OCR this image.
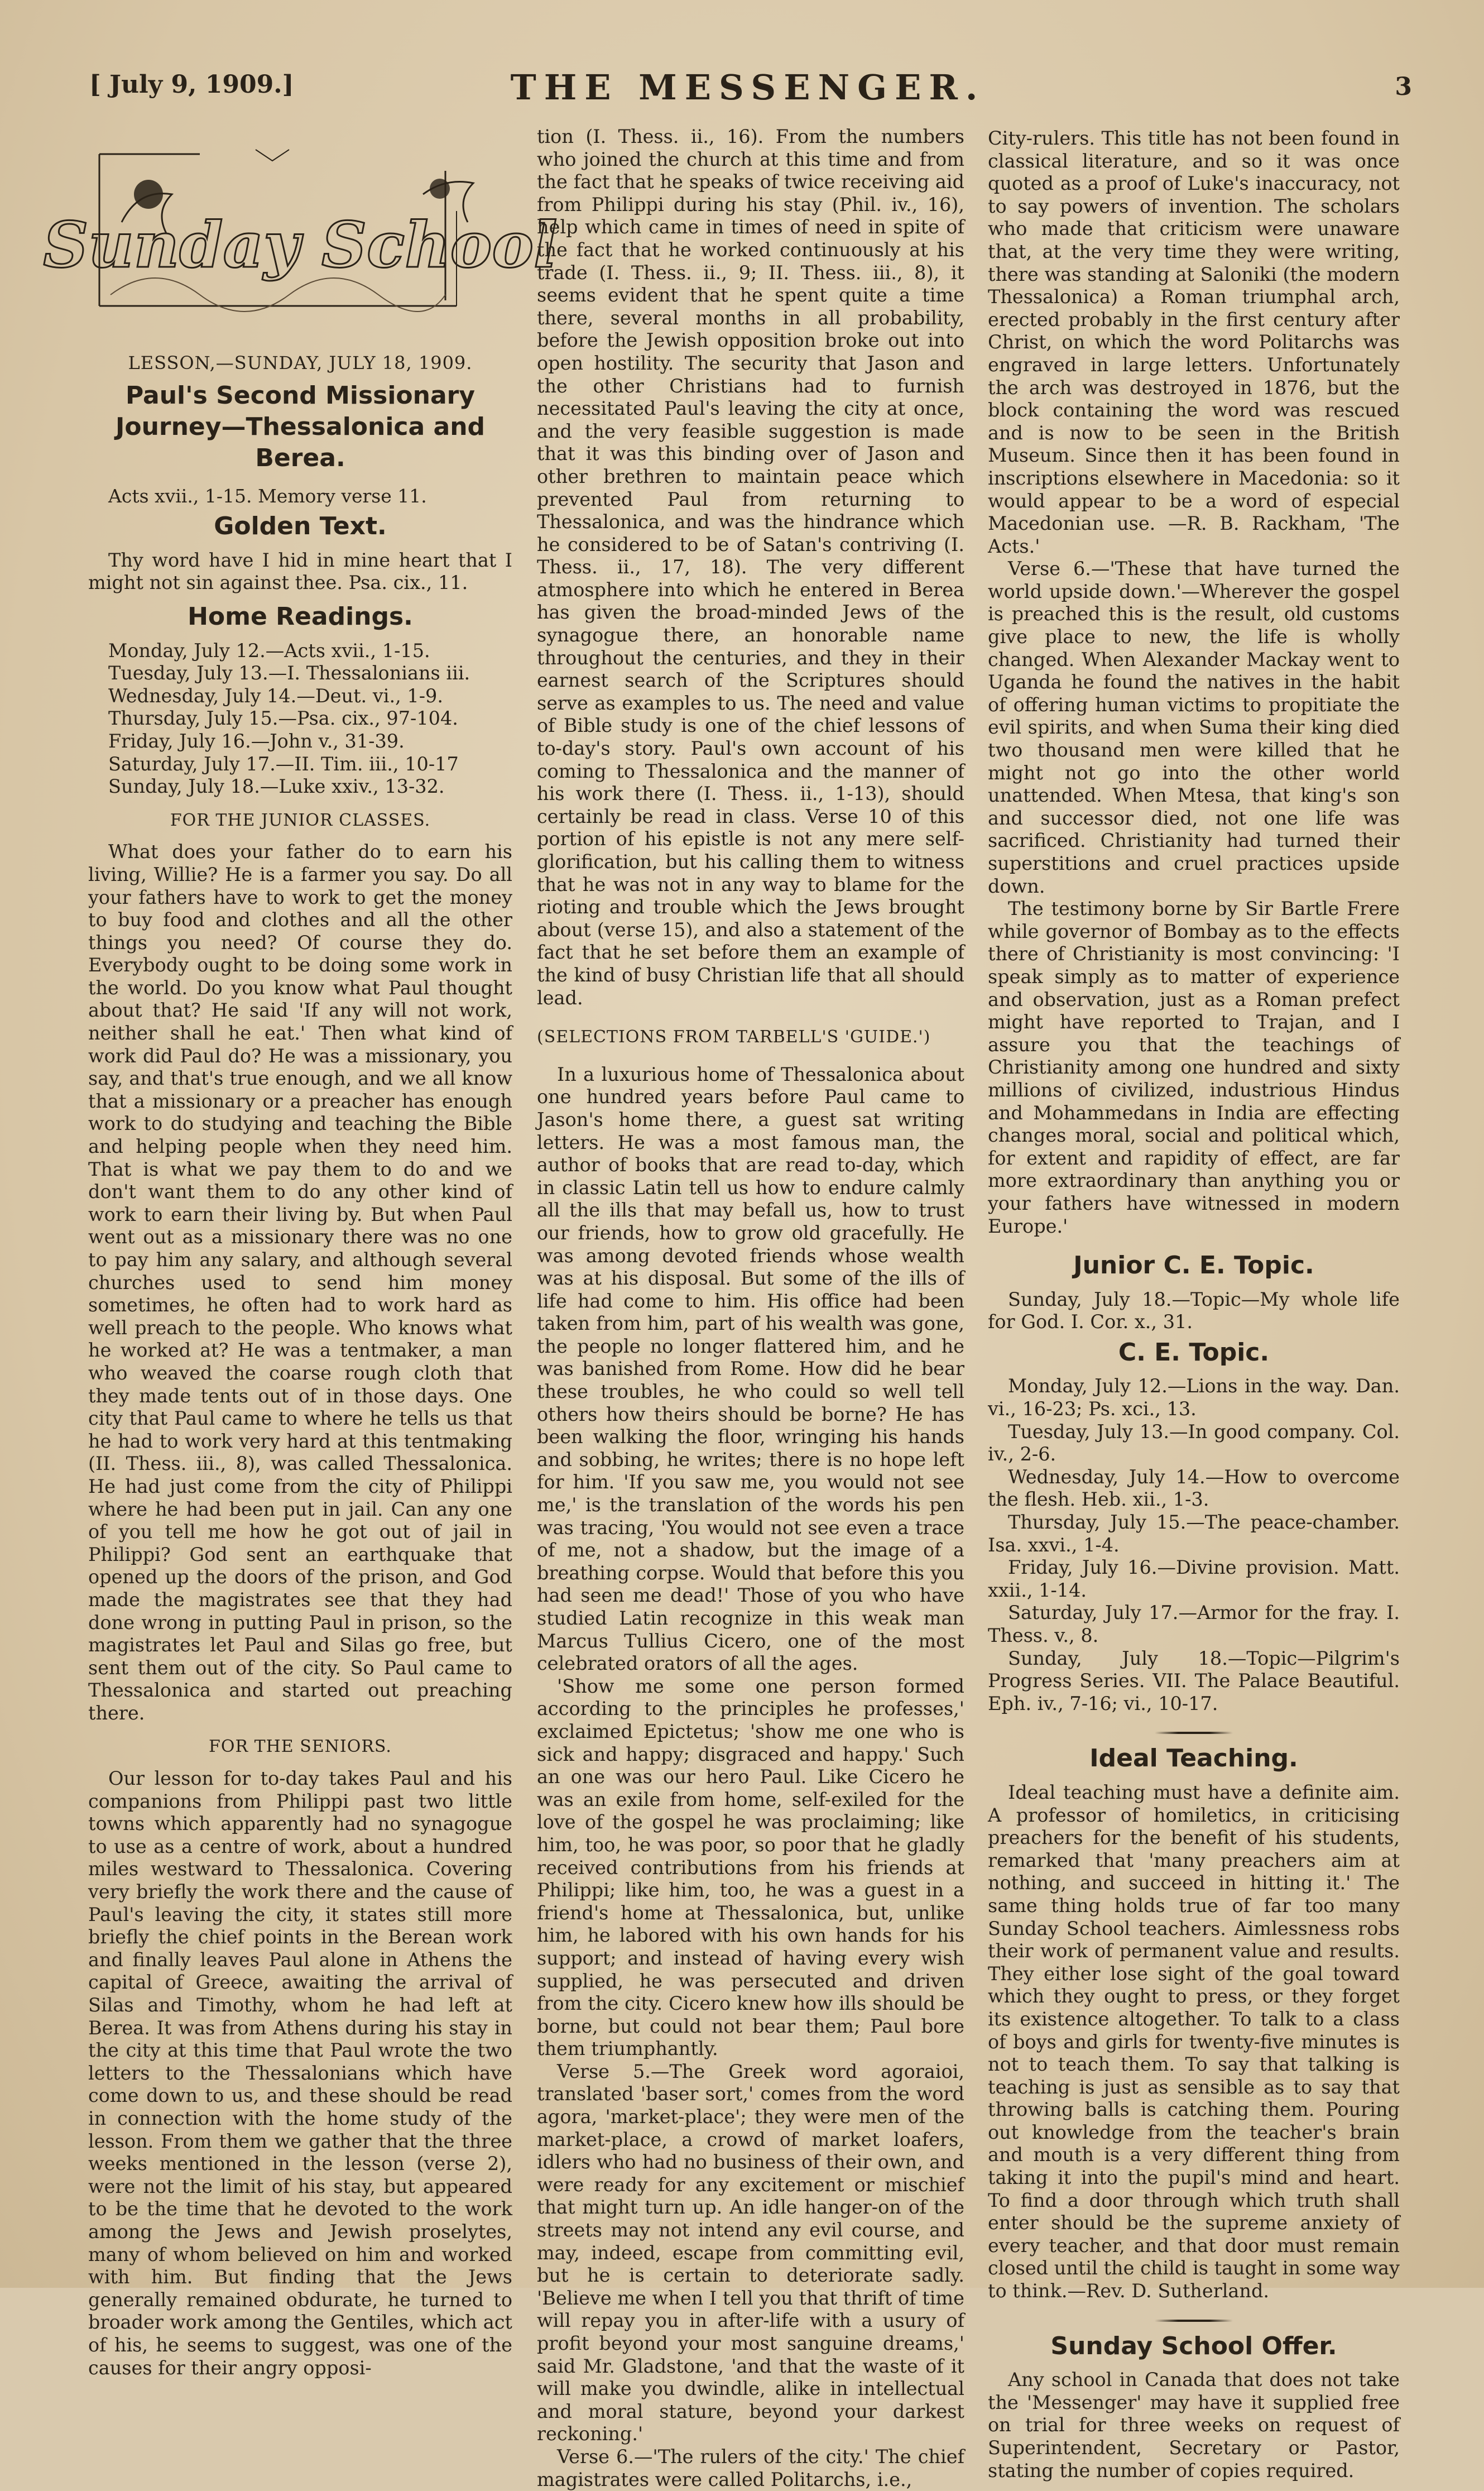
[ July 9, 1909.]	THE MESSENGER.	3
Sunday School
LESSON,—SUNDAY, JULY 18, 1909.
Paul's Second Missionary Journey—Thessalonica and Berea.

Acts xvii., 1-15. Memory verse 11.

Golden Text.

Thy word have I hid in mine heart that I might not sin against thee. Psa. cix., 11.

Home Readings.
Monday, July 12.—Acts xvii., 1-15.
Tuesday, July 13.—I. Thessalonians iii.
Wednesday, July 14.—Deut. vi., 1-9.
Thursday, July 15.—Psa. cix., 97-104.
Friday, July 16.—John v., 31-39.
Saturday, July 17.—II. Tim. iii., 10-17
Sunday, July 18.—Luke xxiv., 13-32.
FOR THE JUNIOR CLASSES.

What does your father do to earn his living, Willie? He is a farmer you say. Do all your fathers have to work to get the money to buy food and clothes and all the other things you need? Of course they do. Everybody ought to be doing some work in the world. Do you know what Paul thought about that? He said 'If any will not work, neither shall he eat.' Then what kind of work did Paul do? He was a missionary, you say, and that's true enough, and we all know that a missionary or a preacher has enough work to do studying and teaching the Bible and helping people when they need him. That is what we pay them to do and we don't want them to do any other kind of work to earn their living by. But when Paul went out as a missionary there was no one to pay him any salary, and although several churches used to send him money sometimes, he often had to work hard as well preach to the people. Who knows what he worked at? He was a tentmaker, a man who weaved the coarse rough cloth that they made tents out of in those days. One city that Paul came to where he tells us that he had to work very hard at this tentmaking (II. Thess. iii., 8), was called Thessalonica. He had just come from the city of Philippi where he had been put in jail. Can any one of you tell me how he got out of jail in Philippi? God sent an earthquake that opened up the doors of the prison, and God made the magistrates see that they had done wrong in putting Paul in prison, so the magistrates let Paul and Silas go free, but sent them out of the city. So Paul came to Thessalonica and started out preaching there.

FOR THE SENIORS.

Our lesson for to-day takes Paul and his companions from Philippi past two little towns which apparently had no synagogue to use as a centre of work, about a hundred miles westward to Thessalonica. Covering very briefly the work there and the cause of Paul's leaving the city, it states still more briefly the chief points in the Berean work and finally leaves Paul alone in Athens the capital of Greece, awaiting the arrival of Silas and Timothy, whom he had left at Berea. It was from Athens during his stay in the city at this time that Paul wrote the two letters to the Thessalonians which have come down to us, and these should be read in connection with the home study of the lesson. From them we gather that the three weeks mentioned in the lesson (verse 2), were not the limit of his stay, but appeared to be the time that he devoted to the work among the Jews and Jewish proselytes, many of whom believed on him and worked with him. But finding that the Jews generally remained obdurate, he turned to broader work among the Gentiles, which act of his, he seems to suggest, was one of the causes for their angry opposi-

tion (I. Thess. ii., 16). From the numbers who joined the church at this time and from the fact that he speaks of twice receiving aid from Philippi during his stay (Phil. iv., 16), help which came in times of need in spite of the fact that he worked continuously at his trade (I. Thess. ii., 9; II. Thess. iii., 8), it seems evident that he spent quite a time there, several months in all probability, before the Jewish opposition broke out into open hostility. The security that Jason and the other Christians had to furnish necessitated Paul's leaving the city at once, and the very feasible suggestion is made that it was this binding over of Jason and other brethren to maintain peace which prevented Paul from returning to Thessalonica, and was the hindrance which he considered to be of Satan's contriving (I. Thess. ii., 17, 18). The very different atmosphere into which he entered in Berea has given the broad-minded Jews of the synagogue there, an honorable name throughout the centuries, and they in their earnest search of the Scriptures should serve as examples to us. The need and value of Bible study is one of the chief lessons of to-day's story. Paul's own account of his coming to Thessalonica and the manner of his work there (I. Thess. ii., 1-13), should certainly be read in class. Verse 10 of this portion of his epistle is not any mere self-glorification, but his calling them to witness that he was not in any way to blame for the rioting and trouble which the Jews brought about (verse 15), and also a statement of the fact that he set before them an example of the kind of busy Christian life that all should lead.

(SELECTIONS FROM TARBELL'S 'GUIDE.')

In a luxurious home of Thessalonica about one hundred years before Paul came to Jason's home there, a guest sat writing letters. He was a most famous man, the author of books that are read to-day, which in classic Latin tell us how to endure calmly all the ills that may befall us, how to trust our friends, how to grow old gracefully. He was among devoted friends whose wealth was at his disposal. But some of the ills of life had come to him. His office had been taken from him, part of his wealth was gone, the people no longer flattered him, and he was banished from Rome. How did he bear these troubles, he who could so well tell others how theirs should be borne? He has been walking the floor, wringing his hands and sobbing, he writes; there is no hope left for him. 'If you saw me, you would not see me,' is the translation of the words his pen was tracing, 'You would not see even a trace of me, not a shadow, but the image of a breathing corpse. Would that before this you had seen me dead!' Those of you who have studied Latin recognize in this weak man Marcus Tullius Cicero, one of the most celebrated orators of all the ages.

'Show me some one person formed according to the principles he professes,' exclaimed Epictetus; 'show me one who is sick and happy; disgraced and happy.' Such an one was our hero Paul. Like Cicero he was an exile from home, self-exiled for the love of the gospel he was proclaiming; like him, too, he was poor, so poor that he gladly received contributions from his friends at Philippi; like him, too, he was a guest in a friend's home at Thessalonica, but, unlike him, he labored with his own hands for his support; and instead of having every wish supplied, he was persecuted and driven from the city. Cicero knew how ills should be borne, but could not bear them; Paul bore them triumphantly.

Verse 5.—The Greek word agoraioi, translated 'baser sort,' comes from the word agora, 'market-place'; they were men of the market-place, a crowd of market loafers, idlers who had no business of their own, and were ready for any excitement or mischief that might turn up. An idle hanger-on of the streets may not intend any evil course, and may, indeed, escape from committing evil, but he is certain to deteriorate sadly. 'Believe me when I tell you that thrift of time will repay you in after-life with a usury of profit beyond your most sanguine dreams,' said Mr. Gladstone, 'and that the waste of it will make you dwindle, alike in intellectual and moral stature, beyond your darkest reckoning.'

Verse 6.—'The rulers of the city.' The chief magistrates were called Politarchs, i.e.,

City-rulers. This title has not been found in classical literature, and so it was once quoted as a proof of Luke's inaccuracy, not to say powers of invention. The scholars who made that criticism were unaware that, at the very time they were writing, there was standing at Saloniki (the modern Thessalonica) a Roman triumphal arch, erected probably in the first century after Christ, on which the word Politarchs was engraved in large letters. Unfortunately the arch was destroyed in 1876, but the block containing the word was rescued and is now to be seen in the British Museum. Since then it has been found in inscriptions elsewhere in Macedonia: so it would appear to be a word of especial Macedonian use. —R. B. Rackham, 'The Acts.'

Verse 6.—'These that have turned the world upside down.'—Wherever the gospel is preached this is the result, old customs give place to new, the life is wholly changed. When Alexander Mackay went to Uganda he found the natives in the habit of offering human victims to propitiate the evil spirits, and when Suma their king died two thousand men were killed that he might not go into the other world unattended. When Mtesa, that king's son and successor died, not one life was sacrificed. Christianity had turned their superstitions and cruel practices upside down.

The testimony borne by Sir Bartle Frere while governor of Bombay as to the effects there of Christianity is most convincing: 'I speak simply as to matter of experience and observation, just as a Roman prefect might have reported to Trajan, and I assure you that the teachings of Christianity among one hundred and sixty millions of civilized, industrious Hindus and Mohammedans in India are effecting changes moral, social and political which, for extent and rapidity of effect, are far more extraordinary than anything you or your fathers have witnessed in modern Europe.'

Junior C. E. Topic.

Sunday, July 18.—Topic—My whole life for God. I. Cor. x., 31.

C. E. Topic.
Monday, July 12.—Lions in the way. Dan. vi., 16-23; Ps. xci., 13.
Tuesday, July 13.—In good company. Col. iv., 2-6.
Wednesday, July 14.—How to overcome the flesh. Heb. xii., 1-3.
Thursday, July 15.—The peace-chamber. Isa. xxvi., 1-4.
Friday, July 16.—Divine provision. Matt. xxii., 1-14.
Saturday, July 17.—Armor for the fray. I. Thess. v., 8.
Sunday, July 18.—Topic—Pilgrim's Progress Series. VII. The Palace Beautiful. Eph. iv., 7-16; vi., 10-17.
Ideal Teaching.

Ideal teaching must have a definite aim. A professor of homiletics, in criticising preachers for the benefit of his students, remarked that 'many preachers aim at nothing, and succeed in hitting it.' The same thing holds true of far too many Sunday School teachers. Aimlessness robs their work of permanent value and results. They either lose sight of the goal toward which they ought to press, or they forget its existence altogether. To talk to a class of boys and girls for twenty-five minutes is not to teach them. To say that talking is teaching is just as sensible as to say that throwing balls is catching them. Pouring out knowledge from the teacher's brain and mouth is a very different thing from taking it into the pupil's mind and heart. To find a door through which truth shall enter should be the supreme anxiety of every teacher, and that door must remain closed until the child is taught in some way to think.—Rev. D. Sutherland.

Sunday School Offer.

Any school in Canada that does not take the 'Messenger' may have it supplied free on trial for three weeks on request of Superintendent, Secretary or Pastor, stating the number of copies required.
